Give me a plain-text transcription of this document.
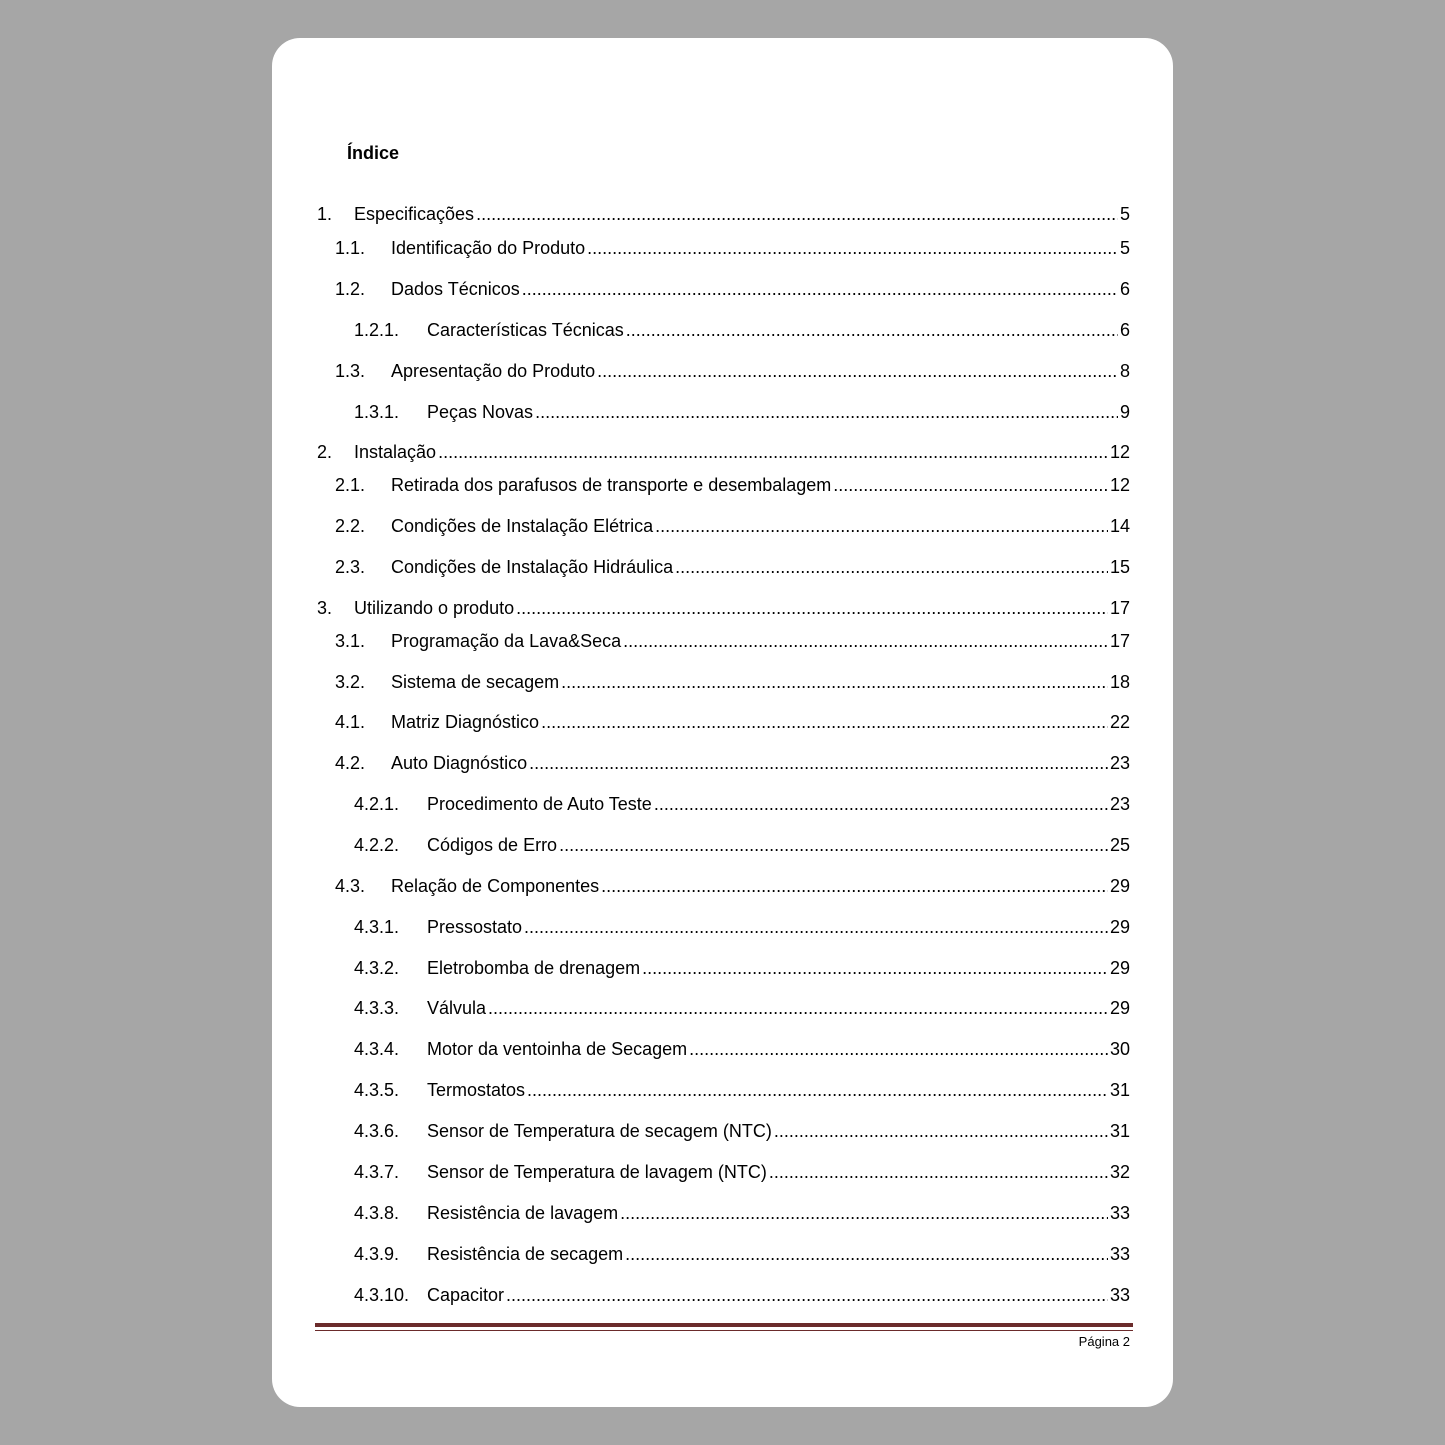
Índice
1.	Especificações .....	5
1.1.	Identificação do Produto .....	5
1.2.	Dados Técnicos .....	6
1.2.1.	Características Técnicas .....	6
1.3.	Apresentação do Produto .....	8
1.3.1.	Peças Novas .....	9
2.	Instalação .....	12
2.1.	Retirada dos parafusos de transporte e desembalagem .....	12
2.2.	Condições de Instalação Elétrica .....	14
2.3.	Condições de Instalação Hidráulica .....	15
3.	Utilizando o produto .....	17
3.1.	Programação da Lava&Seca .....	17
3.2.	Sistema de secagem .....	18
4.1.	Matriz Diagnóstico .....	22
4.2.	Auto Diagnóstico .....	23
4.2.1.	Procedimento de Auto Teste .....	23
4.2.2.	Códigos de Erro .....	25
4.3.	Relação de Componentes .....	29
4.3.1.	Pressostato .....	29
4.3.2.	Eletrobomba de drenagem .....	29
4.3.3.	Válvula .....	29
4.3.4.	Motor da ventoinha de Secagem .....	30
4.3.5.	Termostatos .....	31
4.3.6.	Sensor de Temperatura de secagem (NTC) .....	31
4.3.7.	Sensor de Temperatura de lavagem (NTC) .....	32
4.3.8.	Resistência de lavagem .....	33
4.3.9.	Resistência de secagem .....	33
4.3.10. Capacitor .....	33
Página 2
